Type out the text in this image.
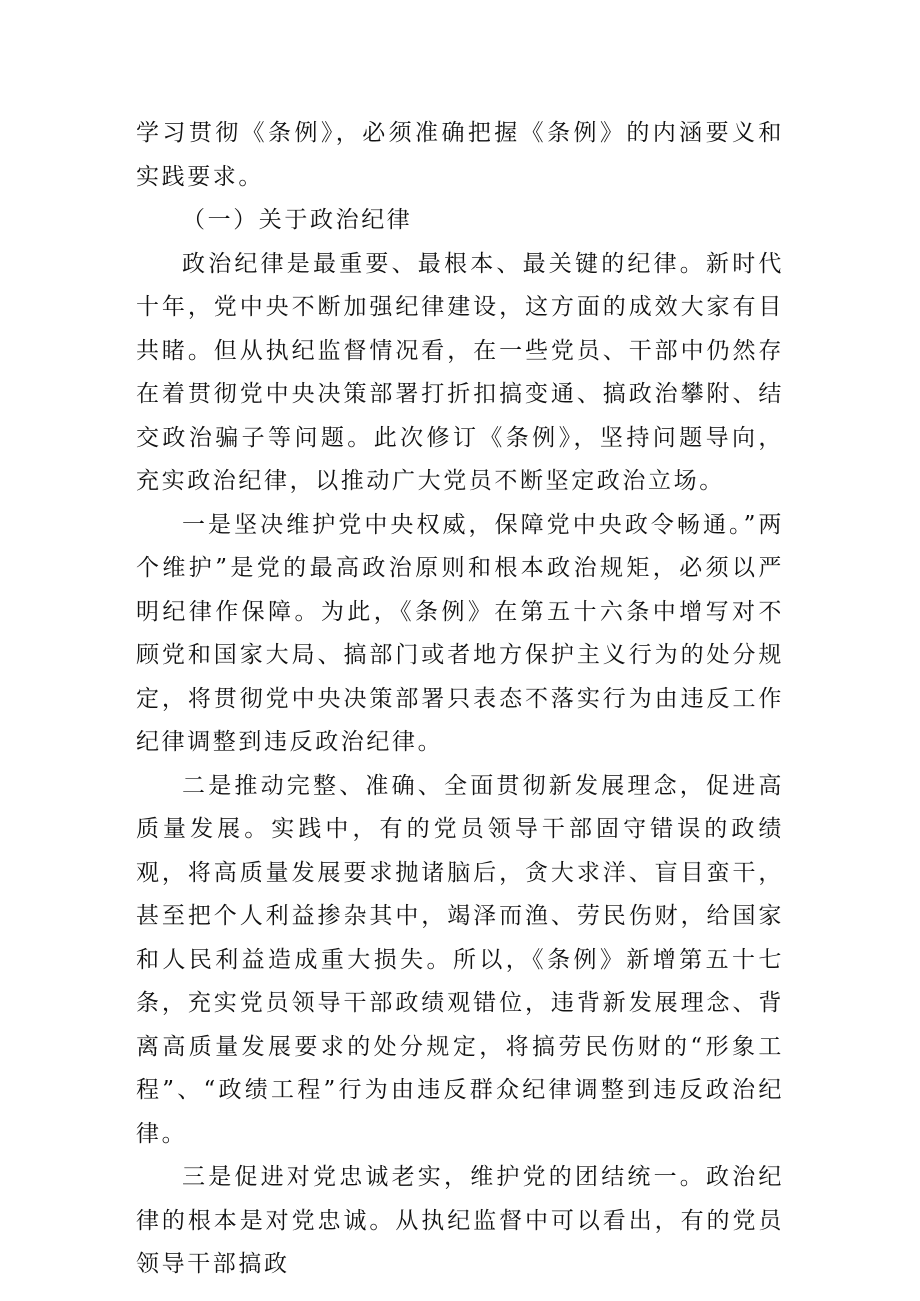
学习贯彻《条例》，必须准确把握《条例》的内涵要义和实践要求。

（一）关于政治纪律

政治纪律是最重要、最根本、最关键的纪律。新时代十年，党中央不断加强纪律建设，这方面的成效大家有目共睹。但从执纪监督情况看，在一些党员、干部中仍然存在着贯彻党中央决策部署打折扣搞变通、搞政治攀附、结交政治骗子等问题。此次修订《条例》，坚持问题导向，充实政治纪律，以推动广大党员不断坚定政治立场。

一是坚决维护党中央权威，保障党中央政令畅通。”两个维护”是党的最高政治原则和根本政治规矩，必须以严明纪律作保障。为此，《条例》在第五十六条中增写对不顾党和国家大局、搞部门或者地方保护主义行为的处分规定，将贯彻党中央决策部署只表态不落实行为由违反工作纪律调整到违反政治纪律。

二是推动完整、准确、全面贯彻新发展理念，促进高质量发展。实践中，有的党员领导干部固守错误的政绩观，将高质量发展要求抛诸脑后，贪大求洋、盲目蛮干，甚至把个人利益掺杂其中，竭泽而渔、劳民伤财，给国家和人民利益造成重大损失。所以，《条例》新增第五十七条，充实党员领导干部政绩观错位，违背新发展理念、背离高质量发展要求的处分规定，将搞劳民伤财的“形象工程”、“政绩工程”行为由违反群众纪律调整到违反政治纪律。

三是促进对党忠诚老实，维护党的团结统一。政治纪律的根本是对党忠诚。从执纪监督中可以看出，有的党员领导干部搞政
